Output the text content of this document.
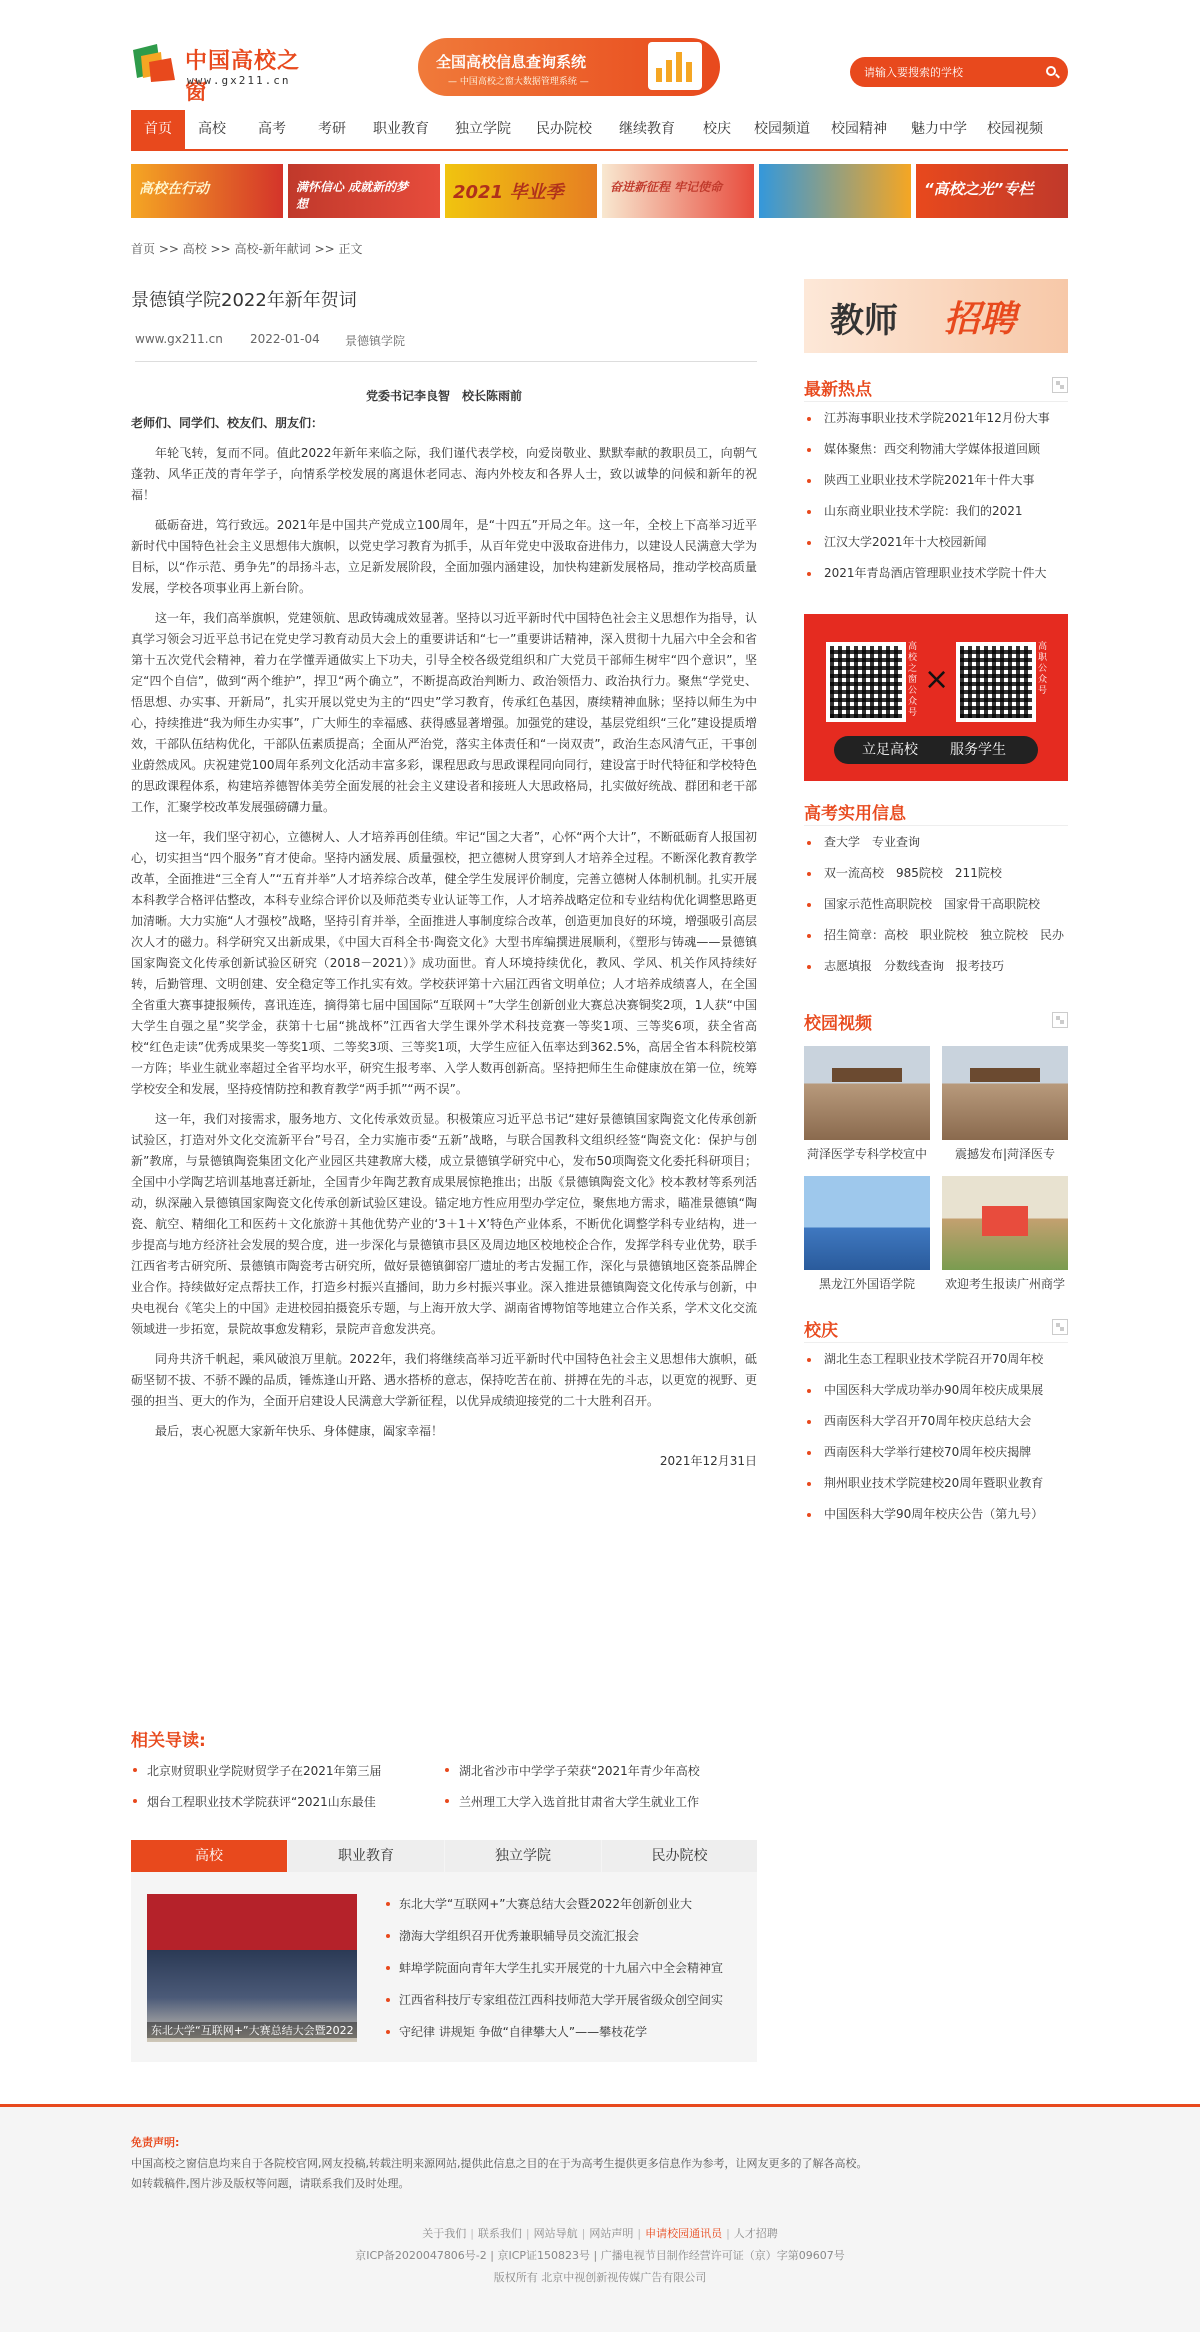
中国高校之窗
www.gx211.cn
全国高校信息查询系统
— 中国高校之窗大数据管理系统 —
请输入要搜索的学校
首页	高校	高考	考研	职业教育	独立学院	民办院校	继续教育	校庆	校园频道	校园精神	魅力中学	校园视频
高校在行动	满怀信心 成就新的梦想
2021 毕业季	奋进新征程 牢记使命	“高校之光”专栏
首页 >> 高校 >> 高校-新年献词 >> 正文
景德镇学院2022年新年贺词
www.gx211.cn 2022-01-04 景德镇学院
党委书记李良智　校长陈雨前
老师们、同学们、校友们、朋友们：

年轮飞转，复而不同。值此2022年新年来临之际，我们谨代表学校，向爱岗敬业、默默奉献的教职员工，向朝气蓬勃、风华正茂的青年学子，向情系学校发展的离退休老同志、海内外校友和各界人士，致以诚挚的问候和新年的祝福！

砥砺奋进，笃行致远。2021年是中国共产党成立100周年，是“十四五”开局之年。这一年，全校上下高举习近平新时代中国特色社会主义思想伟大旗帜，以党史学习教育为抓手，从百年党史中汲取奋进伟力，以建设人民满意大学为目标，以“作示范、勇争先”的昂扬斗志，立足新发展阶段，全面加强内涵建设，加快构建新发展格局，推动学校高质量发展，学校各项事业再上新台阶。

这一年，我们高举旗帜，党建领航、思政铸魂成效显著。坚持以习近平新时代中国特色社会主义思想作为指导，认真学习领会习近平总书记在党史学习教育动员大会上的重要讲话和“七一”重要讲话精神，深入贯彻十九届六中全会和省第十五次党代会精神，着力在学懂弄通做实上下功夫，引导全校各级党组织和广大党员干部师生树牢“四个意识”，坚定“四个自信”，做到“两个维护”，捍卫“两个确立”，不断提高政治判断力、政治领悟力、政治执行力。聚焦“学党史、悟思想、办实事、开新局”，扎实开展以党史为主的“四史”学习教育，传承红色基因，赓续精神血脉；坚持以师生为中心，持续推进“我为师生办实事”，广大师生的幸福感、获得感显著增强。加强党的建设，基层党组织“三化”建设提质增效，干部队伍结构优化，干部队伍素质提高；全面从严治党，落实主体责任和“一岗双责”，政治生态风清气正，干事创业蔚然成风。庆祝建党100周年系列文化活动丰富多彩，课程思政与思政课程同向同行，建设富于时代特征和学校特色的思政课程体系，构建培养德智体美劳全面发展的社会主义建设者和接班人大思政格局，扎实做好统战、群团和老干部工作，汇聚学校改革发展强磅礴力量。

这一年，我们坚守初心，立德树人、人才培养再创佳绩。牢记“国之大者”，心怀“两个大计”，不断砥砺育人报国初心，切实担当“四个服务”育才使命。坚持内涵发展、质量强校，把立德树人贯穿到人才培养全过程。不断深化教育教学改革，全面推进“三全育人”“五育并举”人才培养综合改革，健全学生发展评价制度，完善立德树人体制机制。扎实开展本科教学合格评估整改，本科专业综合评价以及师范类专业认证等工作，人才培养战略定位和专业结构优化调整思路更加清晰。大力实施“人才强校”战略，坚持引育并举，全面推进人事制度综合改革，创造更加良好的环境，增强吸引高层次人才的磁力。科学研究又出新成果，《中国大百科全书·陶瓷文化》大型书库编撰进展顺利，《塑形与铸魂——景德镇国家陶瓷文化传承创新试验区研究（2018－2021）》成功面世。育人环境持续优化，教风、学风、机关作风持续好转，后勤管理、文明创建、安全稳定等工作扎实有效。学校获评第十六届江西省文明单位；人才培养成绩喜人，在全国全省重大赛事捷报频传，喜讯连连，摘得第七届中国国际“互联网＋”大学生创新创业大赛总决赛铜奖2项，1人获“中国大学生自强之星”奖学金，获第十七届“挑战杯”江西省大学生课外学术科技竞赛一等奖1项、三等奖6项，获全省高校“红色走读”优秀成果奖一等奖1项、二等奖3项、三等奖1项，大学生应征入伍率达到362.5%，高居全省本科院校第一方阵；毕业生就业率超过全省平均水平，研究生报考率、入学人数再创新高。坚持把师生生命健康放在第一位，统筹学校安全和发展，坚持疫情防控和教育教学“两手抓”“两不误”。

这一年，我们对接需求，服务地方、文化传承效贡显。积极策应习近平总书记“建好景德镇国家陶瓷文化传承创新试验区，打造对外文化交流新平台”号召，全力实施市委“五新”战略，与联合国教科文组织经签“陶瓷文化：保护与创新”教席，与景德镇陶瓷集团文化产业园区共建教席大楼，成立景德镇学研究中心，发布50项陶瓷文化委托科研项目；全国中小学陶艺培训基地喜迁新址，全国青少年陶艺教育成果展惊艳推出；出版《景德镇陶瓷文化》校本教材等系列活动，纵深融入景德镇国家陶瓷文化传承创新试验区建设。锚定地方性应用型办学定位，聚焦地方需求，瞄准景德镇“陶瓷、航空、精细化工和医药＋文化旅游＋其他优势产业的‘3＋1＋X’特色产业体系，不断优化调整学科专业结构，进一步提高与地方经济社会发展的契合度，进一步深化与景德镇市县区及周边地区校地校企合作，发挥学科专业优势，联手江西省考古研究所、景德镇市陶瓷考古研究所，做好景德镇御窑厂遗址的考古发掘工作，深化与景德镇地区瓷茶品牌企业合作。持续做好定点帮扶工作，打造乡村振兴直播间，助力乡村振兴事业。深入推进景德镇陶瓷文化传承与创新，中央电视台《笔尖上的中国》走进校园拍摄瓷乐专题，与上海开放大学、湖南省博物馆等地建立合作关系，学术文化交流领域进一步拓宽，景院故事愈发精彩，景院声音愈发洪亮。

同舟共济千帆起，乘风破浪万里航。2022年，我们将继续高举习近平新时代中国特色社会主义思想伟大旗帜，砥砺坚韧不拔、不骄不躁的品质，锤炼逢山开路、遇水搭桥的意志，保持吃苦在前、拼搏在先的斗志，以更宽的视野、更强的担当、更大的作为，全面开启建设人民满意大学新征程，以优异成绩迎接党的二十大胜利召开。

最后，衷心祝愿大家新年快乐、身体健康，阖家幸福！

2021年12月31日
教师 招聘
最新热点
江苏海事职业技术学院2021年12月份大事
媒体聚焦：西交利物浦大学媒体报道回顾
陕西工业职业技术学院2021年十件大事
山东商业职业技术学院：我们的2021
江汉大学2021年十大校园新闻
2021年青岛酒店管理职业技术学院十件大
高校之窗公众号
×
高职公众号
立足高校 服务学生
高考实用信息
查大学 专业查询
双一流高校 985院校 211院校
国家示范性高职院校 国家骨干高职院校
招生简章：高校 职业院校 独立院校 民办
志愿填报 分数线查询 报考技巧
校园视频
菏泽医学专科学校宣中	震撼发布|菏泽医专
黑龙江外国语学院	欢迎考生报读广州商学
校庆
湖北生态工程职业技术学院召开70周年校
中国医科大学成功举办90周年校庆成果展
西南医科大学召开70周年校庆总结大会
西南医科大学举行建校70周年校庆揭牌
荆州职业技术学院建校20周年暨职业教育
中国医科大学90周年校庆公告（第九号）
相关导读:
北京财贸职业学院财贸学子在2021年第三届	湖北省沙市中学学子荣获“2021年青少年高校
烟台工程职业技术学院获评“2021山东最佳	兰州理工大学入选首批甘肃省大学生就业工作
高校	职业教育	独立学院	民办院校
东北大学“互联网+”大赛总结大会暨2022
东北大学“互联网+”大赛总结大会暨2022年创新创业大
渤海大学组织召开优秀兼职辅导员交流汇报会
蚌埠学院面向青年大学生扎实开展党的十九届六中全会精神宣
江西省科技厅专家组莅江西科技师范大学开展省级众创空间实
守纪律 讲规矩 争做“自律攀大人”——攀枝花学
免责声明:
中国高校之窗信息均来自于各院校官网,网友投稿,转载注明来源网站,提供此信息之目的在于为高考生提供更多信息作为参考，让网友更多的了解各高校。
如转载稿件,图片涉及版权等问题，请联系我们及时处理。
关于我们 | 联系我们 | 网站导航 | 网站声明 | 申请校园通讯员 | 人才招聘
京ICP备2020047806号-2 | 京ICP证150823号 | 广播电视节目制作经营许可证（京）字第09607号
版权所有 北京中视创新视传媒广告有限公司
